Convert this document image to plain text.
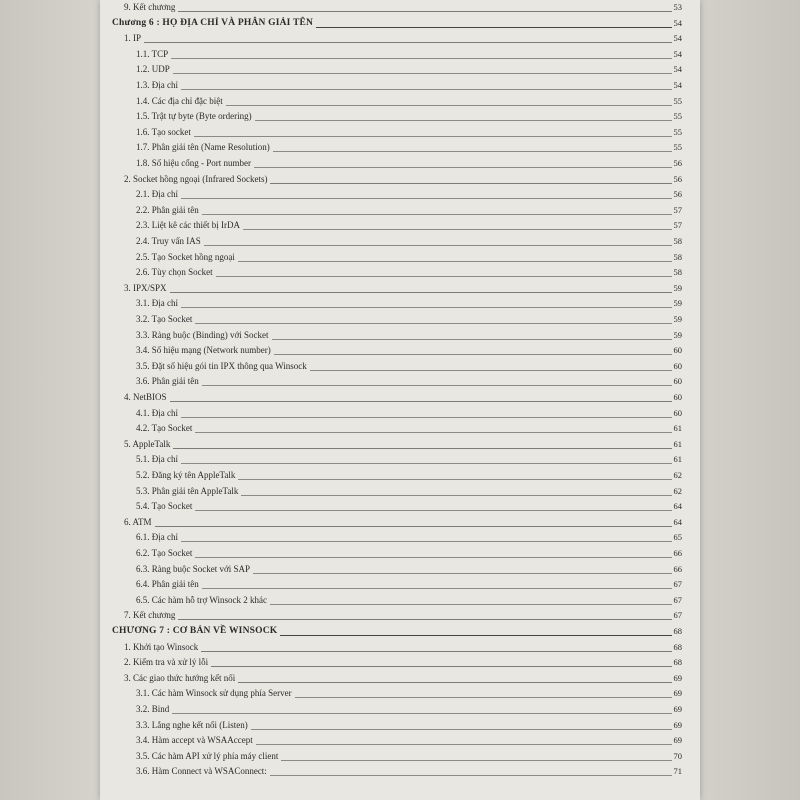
9. Kết chương	53
Chương 6 : HỌ ĐỊA CHỈ VÀ PHÂN GIẢI TÊN	54
1. IP	54
1.1. TCP	54
1.2. UDP	54
1.3. Địa chỉ	54
1.4. Các địa chỉ đặc biệt	55
1.5. Trật tự byte (Byte ordering)	55
1.6. Tạo socket	55
1.7. Phân giải tên (Name Resolution)	55
1.8. Số hiệu cổng - Port number	56
2. Socket hồng ngoại (Infrared Sockets)	56
2.1. Địa chỉ	56
2.2. Phân giải tên	57
2.3. Liệt kê các thiết bị IrDA	57
2.4. Truy vấn IAS	58
2.5. Tạo Socket hồng ngoại	58
2.6. Tùy chọn Socket	58
3. IPX/SPX	59
3.1. Địa chỉ	59
3.2. Tạo Socket	59
3.3. Ràng buộc (Binding) với Socket	59
3.4. Số hiệu mạng (Network number)	60
3.5. Đặt số hiệu gói tin IPX thông qua Winsock	60
3.6. Phân giải tên	60
4. NetBIOS	60
4.1. Địa chỉ	60
4.2. Tạo Socket	61
5. AppleTalk	61
5.1. Địa chỉ	61
5.2. Đăng ký tên AppleTalk	62
5.3. Phân giải tên AppleTalk	62
5.4. Tạo Socket	64
6. ATM	64
6.1. Địa chỉ	65
6.2. Tạo Socket	66
6.3. Ràng buộc Socket với SAP	66
6.4. Phân giải tên	67
6.5. Các hàm hỗ trợ Winsock 2 khác	67
7. Kết chương	67
CHƯƠNG 7 : CƠ BẢN VỀ WINSOCK	68
1. Khởi tạo Winsock	68
2. Kiểm tra và xử lý lỗi	68
3. Các giao thức hướng kết nối	69
3.1. Các hàm Winsock sử dụng phía Server	69
3.2. Bind	69
3.3. Lắng nghe kết nối (Listen)	69
3.4. Hàm accept và WSAAccept	69
3.5. Các hàm API xử lý phía máy client	70
3.6. Hàm Connect và WSAConnect:	71
